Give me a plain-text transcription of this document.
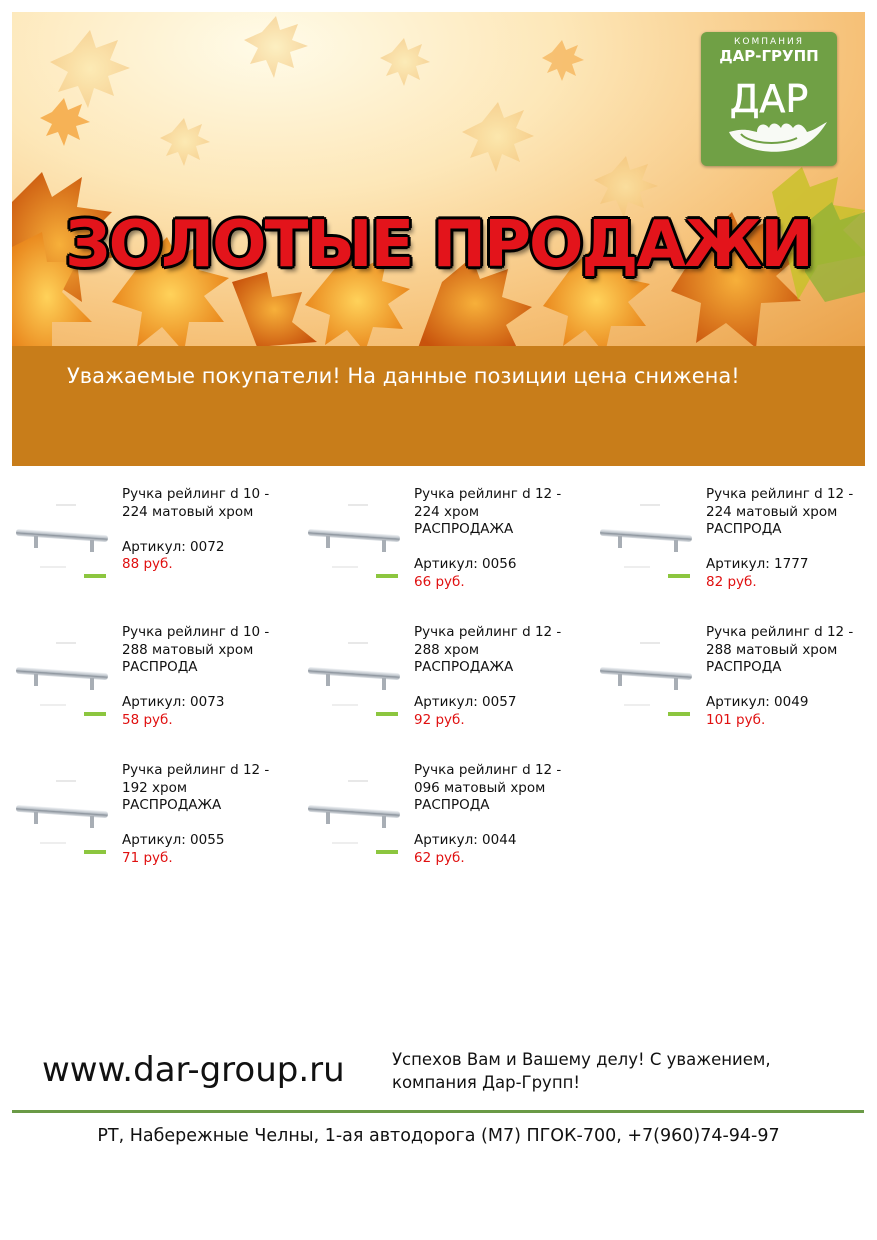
ЗОЛОТЫЕ ПРОДАЖИ
КОМПАНИЯ
ДАР-ГРУПП
ДАР
Уважаемые покупатели! На данные позиции цена снижена!
Ручка рейлинг d 10 -
224 матовый хром
Артикул: 0072
88 руб.
Ручка рейлинг d 12 -
224 хром
РАСПРОДАЖА
Артикул: 0056
66 руб.
Ручка рейлинг d 12 -
224 матовый хром
РАСПРОДА
Артикул: 1777
82 руб.
Ручка рейлинг d 10 -
288 матовый хром
РАСПРОДА
Артикул: 0073
58 руб.
Ручка рейлинг d 12 -
288 хром
РАСПРОДАЖА
Артикул: 0057
92 руб.
Ручка рейлинг d 12 -
288 матовый хром
РАСПРОДА
Артикул: 0049
101 руб.
Ручка рейлинг d 12 -
192 хром
РАСПРОДАЖА
Артикул: 0055
71 руб.
Ручка рейлинг d 12 -
096 матовый хром
РАСПРОДА
Артикул: 0044
62 руб.
www.dar-group.ru	Успехов Вам и Вашему делу! С уважением,
компания Дар-Групп!
РТ, Набережные Челны, 1-ая автодорога (М7) ПГОК-700, +7(960)74-94-97
